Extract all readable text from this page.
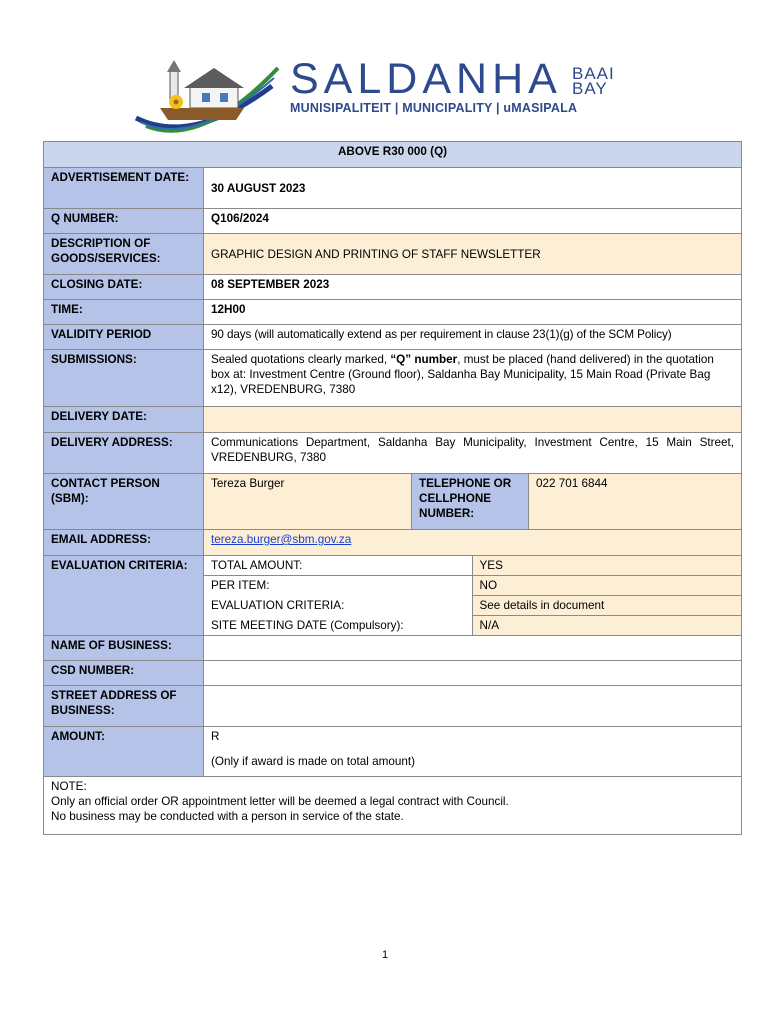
SALDANHA BAAI
BAY
MUNISIPALITEIT | MUNICIPALITY | uMASIPALA
ABOVE R30 000 (Q)
ADVERTISEMENT DATE:	30 AUGUST 2023
Q NUMBER:	Q106/2024
DESCRIPTION OF GOODS/SERVICES:	GRAPHIC DESIGN AND PRINTING OF STAFF NEWSLETTER
CLOSING DATE:	08 SEPTEMBER 2023
TIME:	12H00
VALIDITY PERIOD	90 days (will automatically extend as per requirement in clause 23(1)(g) of the SCM Policy)
SUBMISSIONS:	Sealed quotations clearly marked, “Q” number, must be placed (hand delivered) in the quotation box at: Investment Centre (Ground floor), Saldanha Bay Municipality, 15 Main Road (Private Bag x12), VREDENBURG, 7380
DELIVERY DATE:	
DELIVERY ADDRESS:	Communications Department, Saldanha Bay Municipality, Investment Centre, 15 Main Street, VREDENBURG, 7380
CONTACT PERSON (SBM):	Tereza Burger	TELEPHONE OR CELLPHONE NUMBER:	022 701 6844
EMAIL ADDRESS:	tereza.burger@sbm.gov.za
EVALUATION CRITERIA:	TOTAL AMOUNT:	YES
PER ITEM:	NO
EVALUATION CRITERIA:	See details in document
SITE MEETING DATE (Compulsory):	N/A

NAME OF BUSINESS:	
CSD NUMBER:	
STREET ADDRESS OF BUSINESS:	
AMOUNT:	R
(Only if award is made on total amount)

NOTE:
Only an official order OR appointment letter will be deemed a legal contract with Council.
No business may be conducted with a person in service of the state.
1
